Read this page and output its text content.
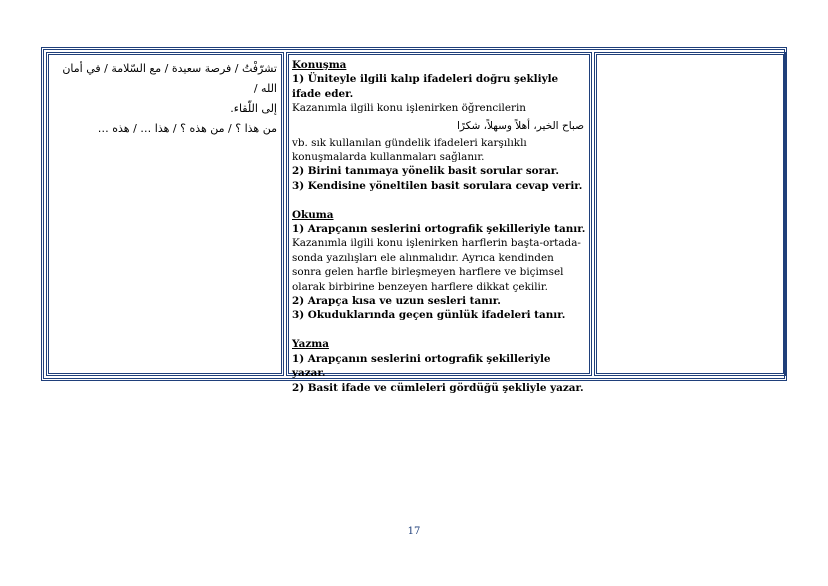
تشرّفْتُ / فرصة سعيدة / مع السّلامة / في أمان الله /

إلى اللّقاء.

من هذا ؟ / من هذه ؟ / هذا … / هذه …

Konuşma
1) Üniteyle ilgili kalıp ifadeleri doğru şekliyle ifade eder.
Kazanımla ilgili konu işlenirken öğrencilerin
صباح الخير، أهلاً وسهلاً، شكرًا
vb. sık kullanılan gündelik ifadeleri karşılıklı konuşmalarda kullanmaları sağlanır.
2) Birini tanımaya yönelik basit sorular sorar.
3) Kendisine yöneltilen basit sorulara cevap verir.
Okuma
1) Arapçanın seslerini ortografik şekilleriyle tanır.
Kazanımla ilgili konu işlenirken harflerin başta-ortada-sonda yazılışları ele alınmalıdır. Ayrıca kendinden sonra gelen harfle birleşmeyen harflere ve biçimsel olarak birbirine benzeyen harflere dikkat çekilir.
2) Arapça kısa ve uzun sesleri tanır.
3) Okuduklarında geçen günlük ifadeleri tanır.
Yazma
1) Arapçanın seslerini ortografik şekilleriyle yazar.
2) Basit ifade ve cümleleri gördüğü şekliyle yazar.
17
